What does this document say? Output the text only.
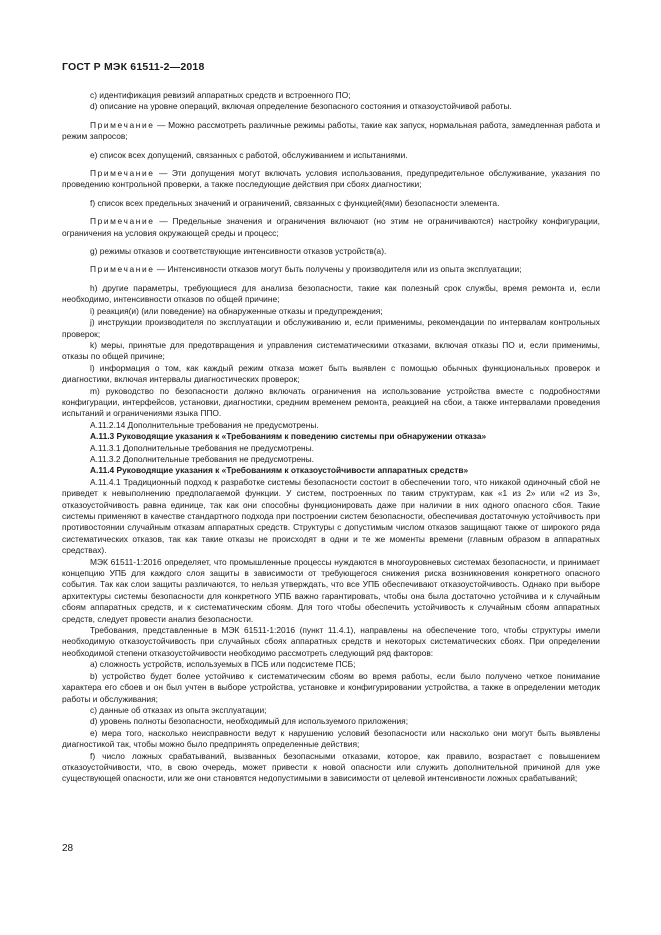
ГОСТ Р МЭК 61511-2—2018

с) идентификация ревизий аппаратных средств и встроенного ПО;

d) описание на уровне операций, включая определение безопасного состояния и отказоустойчивой работы.

Примечание — Можно рассмотреть различные режимы работы, такие как запуск, нормальная работа, замедленная работа и режим запросов;

е) список всех допущений, связанных с работой, обслуживанием и испытаниями.

Примечание — Эти допущения могут включать условия использования, предупредительное обслуживание, указания по проведению контрольной проверки, а также последующие действия при сбоях диагностики;

f) список всех предельных значений и ограничений, связанных с функцией(ями) безопасности элемента.

Примечание — Предельные значения и ограничения включают (но этим не ограничиваются) настройку конфигурации, ограничения на условия окружающей среды и процесс;

g) режимы отказов и соответствующие интенсивности отказов устройств(а).

Примечание — Интенсивности отказов могут быть получены у производителя или из опыта эксплуатации;

h) другие параметры, требующиеся для анализа безопасности, такие как полезный срок службы, время ремонта и, если необходимо, интенсивности отказов по общей причине;

i) реакция(и) (или поведение) на обнаруженные отказы и предупреждения;

j) инструкции производителя по эксплуатации и обслуживанию и, если применимы, рекомендации по интервалам контрольных проверок;

k) меры, принятые для предотвращения и управления систематическими отказами, включая отказы ПО и, если применимы, отказы по общей причине;

l) информация о том, как каждый режим отказа может быть выявлен с помощью обычных функциональных проверок и диагностики, включая интервалы диагностических проверок;

m) руководство по безопасности должно включать ограничения на использование устройства вместе с подробностями конфигурации, интерфейсов, установки, диагностики, средним временем ремонта, реакцией на сбои, а также интервалами проведения испытаний и ограничениями языка ППО.

А.11.2.14 Дополнительные требования не предусмотрены.

А.11.3 Руководящие указания к «Требованиям к поведению системы при обнаружении отказа»

А.11.3.1 Дополнительные требования не предусмотрены.

А.11.3.2 Дополнительные требования не предусмотрены.

А.11.4 Руководящие указания к «Требованиям к отказоустойчивости аппаратных средств»

А.11.4.1 Традиционный подход к разработке системы безопасности состоит в обеспечении того, что никакой одиночный сбой не приведет к невыполнению предполагаемой функции. У систем, построенных по таким структурам, как «1 из 2» или «2 из 3», отказоустойчивость равна единице, так как они способны функционировать даже при наличии в них одного опасного сбоя. Такие системы применяют в качестве стандартного подхода при построении систем безопасности, обеспечивая достаточную устойчивость при противостоянии случайным отказам аппаратных средств. Структуры с допустимым числом отказов защищают также от широкого ряда систематических отказов, так как такие отказы не происходят в одни и те же моменты времени (главным образом в аппаратных средствах).

МЭК 61511-1:2016 определяет, что промышленные процессы нуждаются в многоуровневых системах безопасности, и принимает концепцию УПБ для каждого слоя защиты в зависимости от требующегося снижения риска возникновения конкретного опасного события. Так как слои защиты различаются, то нельзя утверждать, что все УПБ обеспечивают отказоустойчивость. Однако при выборе архитектуры системы безопасности для конкретного УПБ важно гарантировать, чтобы она была достаточно устойчива и к случайным сбоям аппаратных средств, и к систематическим сбоям. Для того чтобы обеспечить устойчивость к случайным сбоям аппаратных средств, следует провести анализ безопасности.

Требования, представленные в МЭК 61511-1:2016 (пункт 11.4.1), направлены на обеспечение того, чтобы структуры имели необходимую отказоустойчивость при случайных сбоях аппаратных средств и некоторых систематических сбоях. При определении необходимой степени отказоустойчивости необходимо рассмотреть следующий ряд факторов:

а) сложность устройств, используемых в ПСБ или подсистеме ПСБ;

b) устройство будет более устойчиво к систематическим сбоям во время работы, если было получено четкое понимание характера его сбоев и он был учтен в выборе устройства, установке и конфигурировании устройства, а также в определении методик работы и обслуживания;

с) данные об отказах из опыта эксплуатации;

d) уровень полноты безопасности, необходимый для используемого приложения;

е) мера того, насколько неисправности ведут к нарушению условий безопасности или насколько они могут быть выявлены диагностикой так, чтобы можно было предпринять определенные действия;

f) число ложных срабатываний, вызванных безопасными отказами, которое, как правило, возрастает с повышением отказоустойчивости, что, в свою очередь, может привести к новой опасности или служить дополнительной причиной для уже существующей опасности, или же они становятся недопустимыми в зависимости от целевой интенсивности ложных срабатываний;

28
